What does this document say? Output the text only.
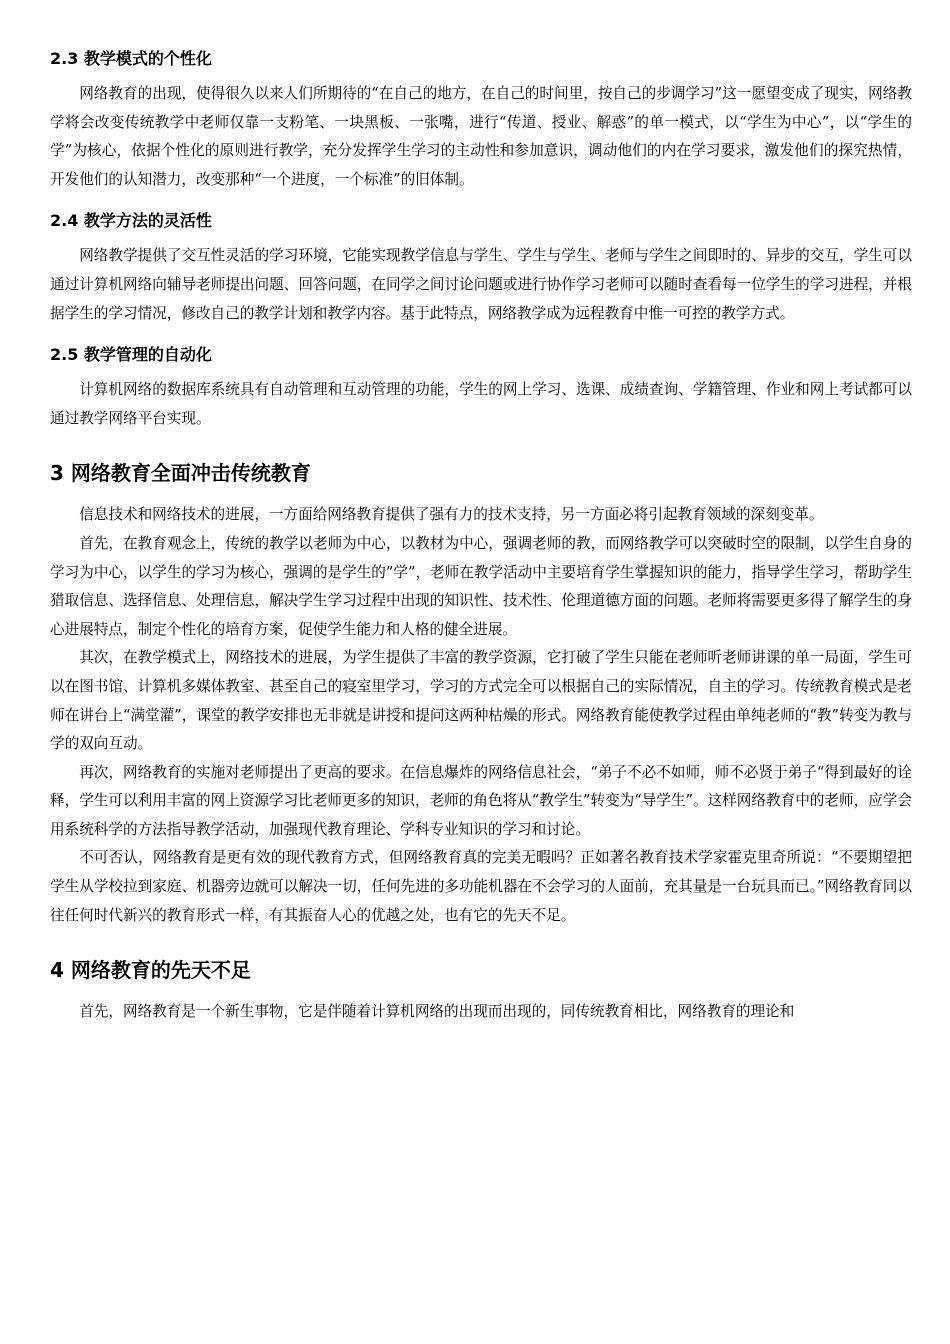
2.3 教学模式的个性化

网络教育的出现，使得很久以来人们所期待的“在自己的地方，在自己的时间里，按自己的步调学习”这一愿望变成了现实，网络教学将会改变传统教学中老师仅靠一支粉笔、一块黑板、一张嘴，进行“传道、授业、解惑”的单一模式，以“学生为中心”，以“学生的学”为核心，依据个性化的原则进行教学，充分发挥学生学习的主动性和参加意识，调动他们的内在学习要求，激发他们的探究热情，开发他们的认知潜力，改变那种“一个进度，一个标准”的旧体制。

2.4 教学方法的灵活性

网络教学提供了交互性灵活的学习环境，它能实现教学信息与学生、学生与学生、老师与学生之间即时的、异步的交互，学生可以通过计算机网络向辅导老师提出问题、回答问题，在同学之间讨论问题或进行协作学习老师可以随时查看每一位学生的学习进程，并根据学生的学习情况，修改自己的教学计划和教学内容。基于此特点，网络教学成为远程教育中惟一可控的教学方式。

2.5 教学管理的自动化

计算机网络的数据库系统具有自动管理和互动管理的功能，学生的网上学习、选课、成绩查询、学籍管理、作业和网上考试都可以通过教学网络平台实现。

3 网络教育全面冲击传统教育

信息技术和网络技术的进展，一方面给网络教育提供了强有力的技术支持，另一方面必将引起教育领域的深刻变革。

首先，在教育观念上，传统的教学以老师为中心，以教材为中心，强调老师的教，而网络教学可以突破时空的限制，以学生自身的学习为中心，以学生的学习为核心，强调的是学生的”学”，老师在教学活动中主要培育学生掌握知识的能力，指导学生学习，帮助学生猎取信息、选择信息、处理信息，解决学生学习过程中出现的知识性、技术性、伦理道德方面的问题。老师将需要更多得了解学生的身心进展特点，制定个性化的培育方案，促使学生能力和人格的健全进展。

其次，在教学模式上，网络技术的进展，为学生提供了丰富的教学资源，它打破了学生只能在老师听老师讲课的单一局面，学生可以在图书馆、计算机多媒体教室、甚至自己的寝室里学习，学习的方式完全可以根据自己的实际情况，自主的学习。传统教育模式是老师在讲台上“满堂灌”，课堂的教学安排也无非就是讲授和提问这两种枯燥的形式。网络教育能使教学过程由单纯老师的“教”转变为教与学的双向互动。

再次，网络教育的实施对老师提出了更高的要求。在信息爆炸的网络信息社会，“弟子不必不如师，师不必贤于弟子“得到最好的诠释，学生可以利用丰富的网上资源学习比老师更多的知识，老师的角色将从“教学生”转变为“导学生”。这样网络教育中的老师，应学会用系统科学的方法指导教学活动，加强现代教育理论、学科专业知识的学习和讨论。

不可否认，网络教育是更有效的现代教育方式，但网络教育真的完美无暇吗？正如著名教育技术学家霍克里奇所说：“不要期望把学生从学校拉到家庭、机器旁边就可以解决一切，任何先进的多功能机器在不会学习的人面前，充其量是一台玩具而已。”网络教育同以往任何时代新兴的教育形式一样，有其振奋人心的优越之处，也有它的先天不足。

4 网络教育的先天不足

首先，网络教育是一个新生事物，它是伴随着计算机网络的出现而出现的，同传统教育相比，网络教育的理论和
